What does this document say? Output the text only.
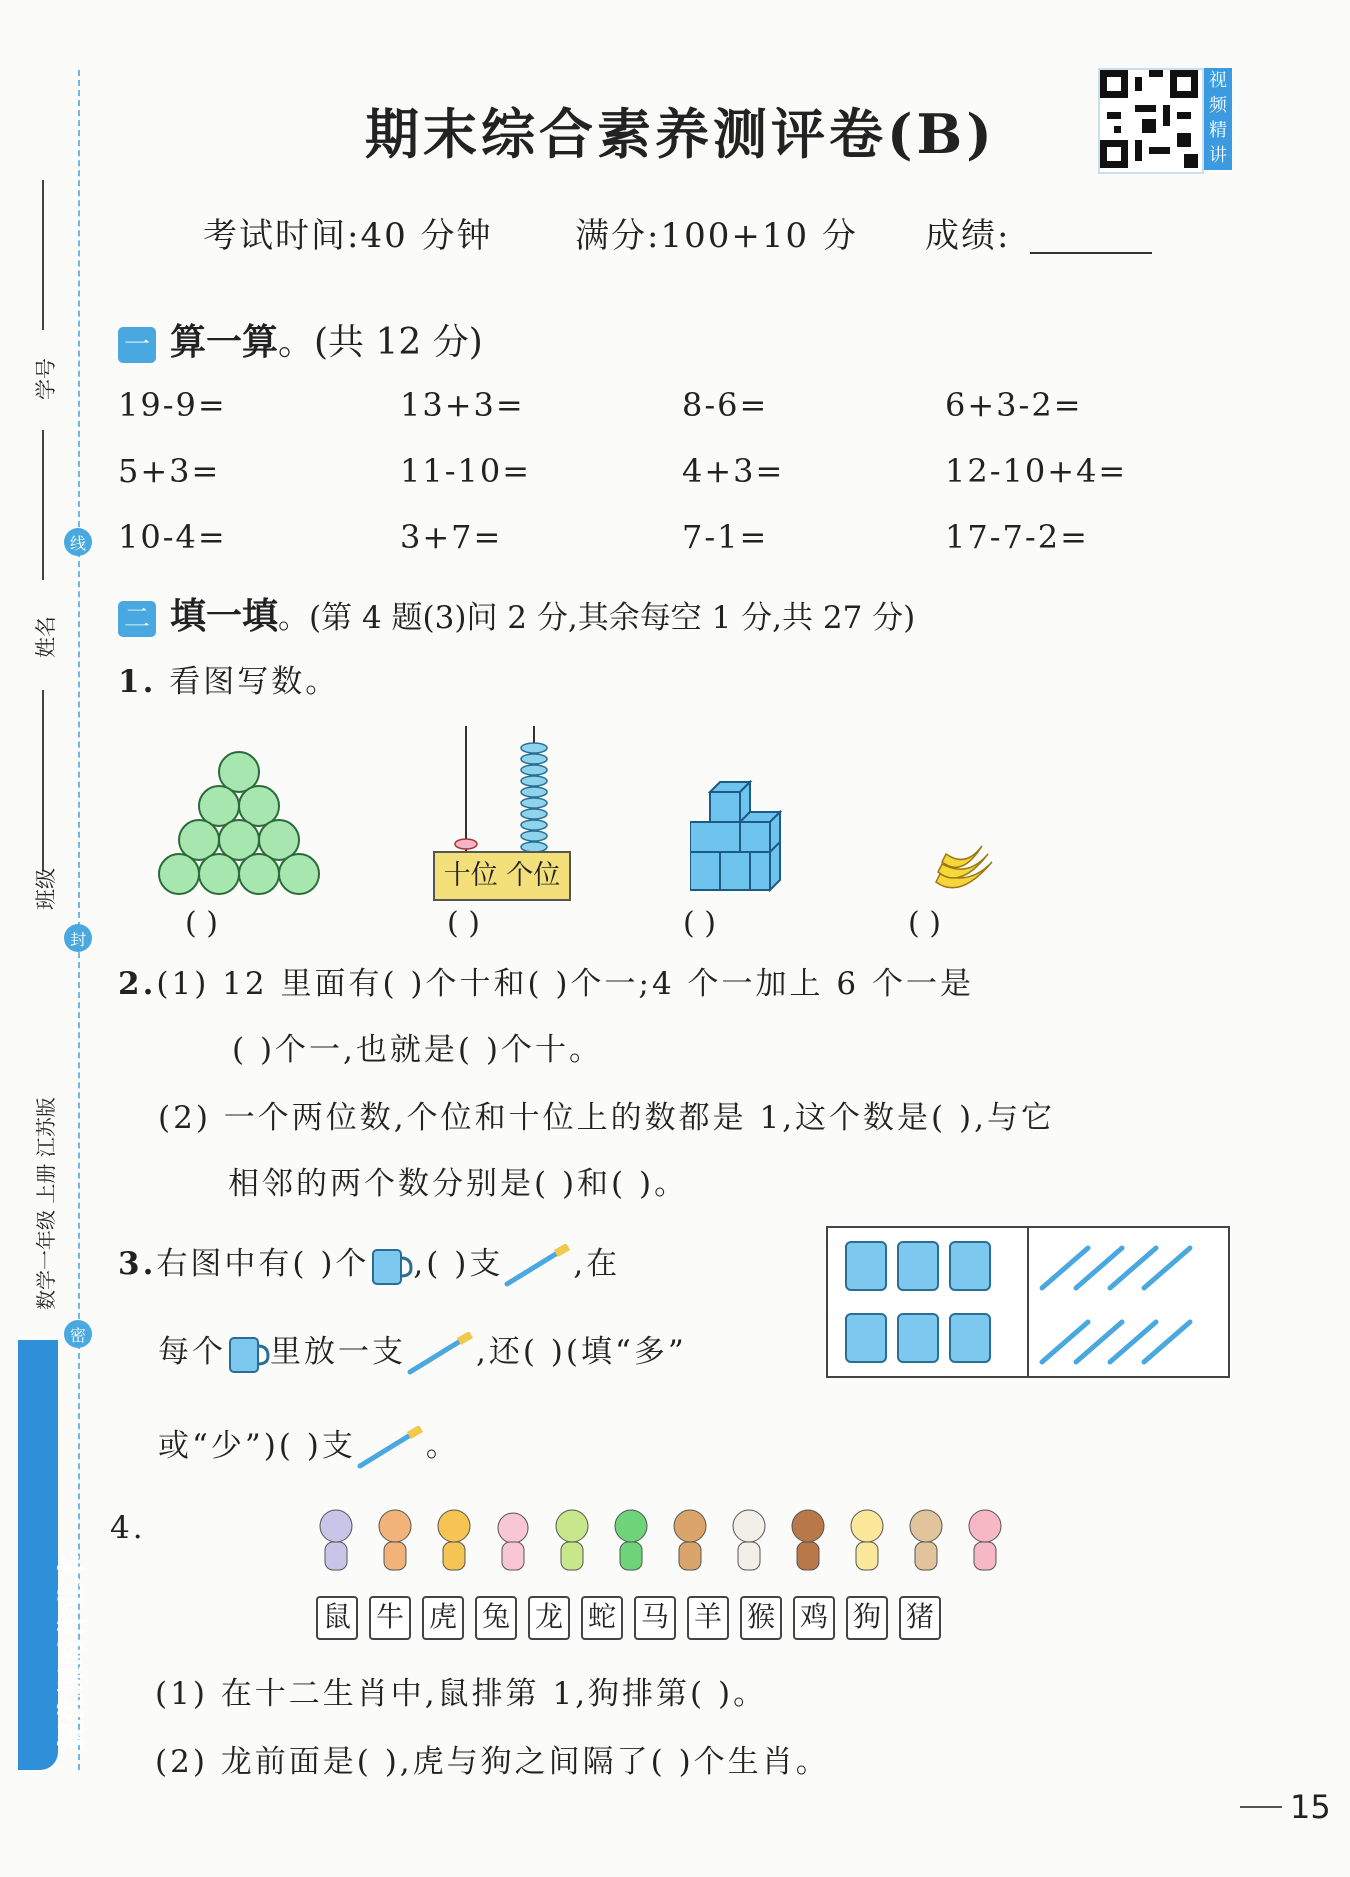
学号
姓名
班级
数学一年级 上册 江苏版
线
封
密
提优课时作业本
期末综合素养测评卷(B)
视频精讲
考试时间:40 分钟 满分:100+10 分 成绩:
一 算一算。(共 12 分)
19-9=	13+3=	8-6=	6+3-2=
5+3=	11-10=	4+3=	12-10+4=
10-4=	3+7=	7-1=	17-7-2=
二 填一填。(第 4 题(3)问 2 分,其余每空 1 分,共 27 分)
1. 看图写数。
十位 个位
( )	( )	( )	( )
2.(1) 12 里面有( )个十和( )个一;4 个一加上 6 个一是
( )个一,也就是( )个十。
(2) 一个两位数,个位和十位上的数都是 1,这个数是( ),与它
相邻的两个数分别是( )和( )。
3.右图中有( )个 ,( )支 ,在
每个 里放一支 ,还( )(填“多”
或“少”)( )支 。
4.
鼠 牛 虎 兔 龙 蛇 马 羊 猴 鸡 狗 猪
(1) 在十二生肖中,鼠排第 1,狗排第( )。
(2) 龙前面是( ),虎与狗之间隔了( )个生肖。
15
